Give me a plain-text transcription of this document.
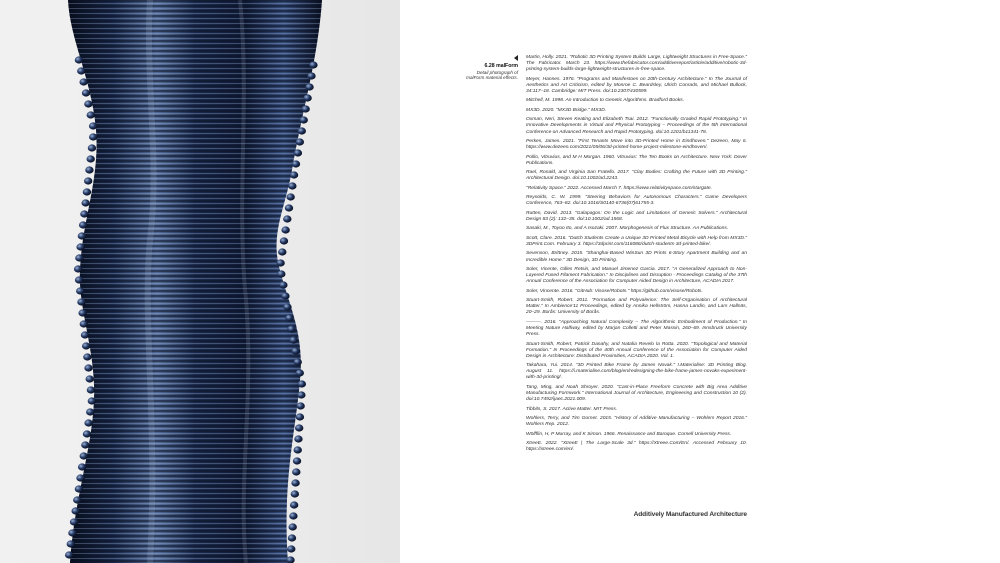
6.28 malForm
Detail photograph of
malForm material effects.

Martin, Holly. 2021. "Robotic 3D Printing System Builds Large, Lightweight Structures in Free-Space." The Fabricator. March 23. https://www.thefabricator.com/additivereport/article/additive/robotic-3d-printing-system-builds-large-lightweight-structures-in-free-space.

Meyer, Hannes. 1976. "Programs and Manifestoes on 20th-Century Architecture." In The Journal of Aesthetics and Art Criticism, edited by Monroe C. Beardsley, Ulrich Conrads, and Michael Bullock, 34:117–18. Cambridge: MIT Press. doi:10.2307/430599.

Mitchell, M. 1998. An Introduction to Genetic Algorithms. Bradford Books.

MX3D. 2020. "MX3D Bridge." MX3D.

Oxman, Neri, Steven Keating and Elizabeth Tsai. 2012. "Functionally Graded Rapid Prototyping." In Innovative Developments in Virtual and Physical Prototyping – Proceedings of the 5th International Conference on Advanced Research and Rapid Prototyping. doi:10.1201/b11341-78.

Perkes, James. 2021. "First Tenants Move into 3D-Printed Home in Eindhoven." Dezeen, May 6. https://www.dezeen.com/2021/05/06/3d-printed-home-project-milestone-eindhoven/.

Pollio, Vitruvius, and M H Morgan. 1960. Vitruvius: The Ten Books on Architecture. New York: Dover Publications.

Rael, Ronald, and Virginia San Fratello. 2017. "Clay Bodies: Crafting the Future with 3D Printing." Architectural Design. doi:10.1002/ad.2243.

"Relativity Space." 2022. Accessed March 7. https://www.relativityspace.com/stargate.

Reynolds, C. W. 1999. "Steering Behaviors for Autonomous Characters." Game Developers Conference, 763–82. doi:10.1016/S0140-6736(07)61755-3.

Rutten, David. 2013. "Galapagos: On the Logic and Limitations of Generic Solvers." Architectural Design 83 (2): 132–35. doi:10.1002/ad.1568.

Sasaki, M., Toyoo Ito, and A Isozaki. 2007. Morphogenesis of Flux Structure. AA Publications.

Scott, Clare. 2016. "Dutch Students Create a Unique 3D Printed Metal Bicycle with Help from MX3D." 3DPrint.Com. February 3. https://3dprint.com/116086/dutch-students-3d-printed-bike/.

Sevenson, Brittney. 2015. "Shanghai-Based WinSun 3D Prints 6-Story Apartment Building and an Incredible Home." 3D Design, 3D Printing.

Soler, Vicente, Gilles Retsin, and Manuel Jimenez Garcia. 2017. "A Generalized Approach to Non-Layered Fused Filament Fabrication." In Disciplines and Disruption - Proceedings Catalog of the 37th Annual Conference of the Association for Computer Aided Design in Architecture, ACADIA 2017.

Soler, Vincente. 2016. "GitHub: Visose/Robots." https://github.com/visose/Robots.

Stuart-Smith, Robert. 2011. "Formation and Polyvalence: The Self-Organisation of Architectural Matter." In Ambience'11 Proceedings, edited by Annika Hellström, Hanna Landin, and Lars Hallnäs, 20–29. Borås: University of Borås.

———. 2016. "Approaching Natural Complexity – The Algorithmic Embodiment of Production." In Meeting Nature Halfway, edited by Marjan Colletti and Peter Massin, 260–69. Innsbruck University Press.

Stuart-Smith, Robert, Patrick Danahy, and Natalia Revelo la Rotta. 2020. "Topological and Material Formation." In Proceedings of the 40th Annual Conference of the Association for Computer Aided Design in Architecture: Distributed Proximities, ACADIA 2020. Vol. 1.

Takahara, Yui. 2014. "3D Printed Bike Frame by James Novak." I.Materialise: 3D Printing Blog. August 11. https://i.materialise.com/blog/en/redesigning-the-bike-frame-james-novaks-experiment-with-3d-printing/.

Tang, Ming, and Noah Shroyer. 2020. "Cast-in-Place Freeform Concrete with Big Area Additive Manufacturing Formwork." International Journal of Architecture, Engineering and Construction 10 (2). doi:10.7492/ijaec.2021.009.

Tibbits, S. 2017. Active Matter. MIT Press.

Wohlers, Terry, and Tim Gornet. 2015. "History of Additive Manufacturing – Wohlers Report 2016." Wohlers Rep. 2012.

Wölfflin, H, P Murray, and K Simon. 1966. Renaissance and Baroque. Cornell University Press.

XtreeE. 2022. "XtreeE | The Large-Scale 3d." https://Xtreee.Com/En/. Accessed February 10. https://xtreee.com/en/.

Additively Manufactured Architecture
